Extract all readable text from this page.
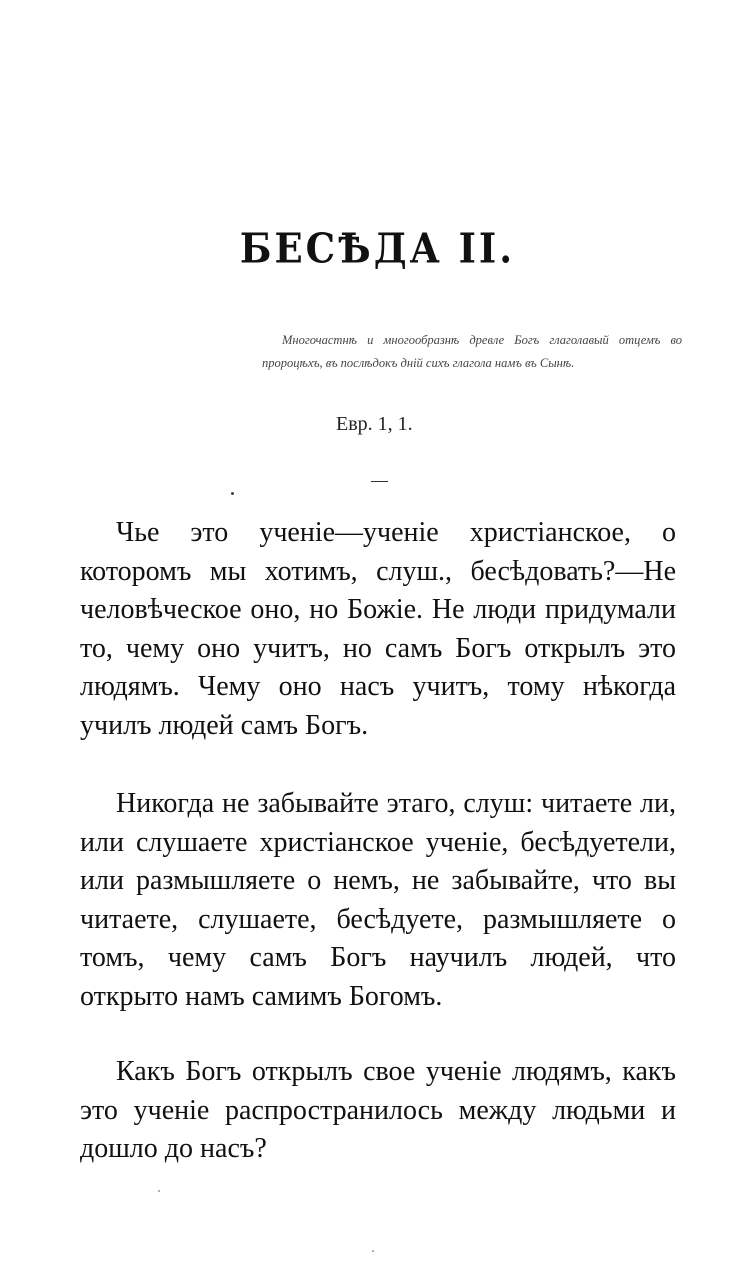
БЕСѢДА II.
Многочастнѣ и многообразнѣ древле Богъ глаголавый отцемъ во пророцѣхъ, въ послѣдокъ дній сихъ глагола намъ въ Сынѣ.
Евр. 1, 1.

Чье это ученіе—ученіе христіанское, о которомъ мы хотимъ, слуш., бесѣдовать?—Не человѣческое оно, но Божіе. Не люди придумали то, чему оно учитъ, но самъ Богъ открылъ это людямъ. Чему оно насъ учитъ, тому нѣкогда училъ людей самъ Богъ.

Никогда не забывайте этаго, слуш: читаете ли, или слушаете христіанское ученіе, бесѣдуетели, или размышляете о немъ, не забывайте, что вы читаете, слушаете, бесѣдуете, размышляете о томъ, чему самъ Богъ научилъ людей, что открыто намъ самимъ Богомъ.

Какъ Богъ открылъ свое ученіе людямъ, какъ это ученіе распространилось между людьми и дошло до насъ?
